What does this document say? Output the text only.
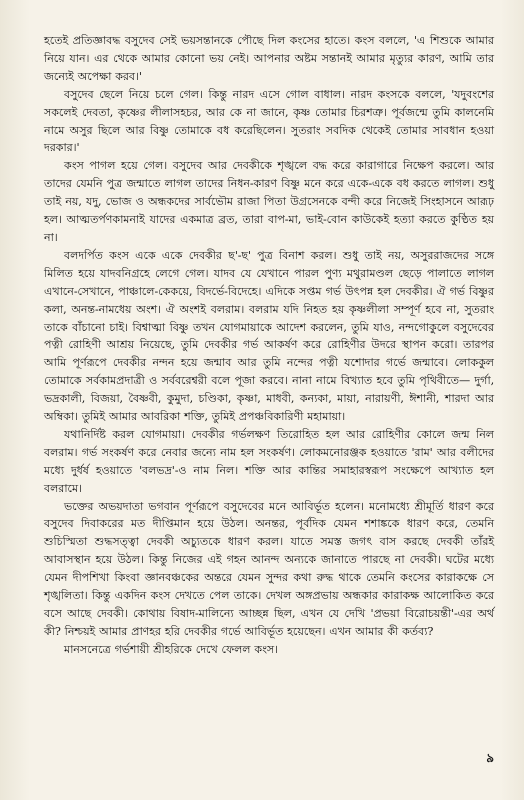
হতেই প্রতিজ্ঞাবদ্ধ বসুদেব সেই ভয়সন্তানকে পৌছে দিল কংসের হাতে। কংস বললে, 'এ শিশুকে আমার নিয়ে যান। এর থেকে আমার কোনো ভয় নেই। আপনার অষ্টম সন্তানই আমার মৃত্যুর কারণ, আমি তার জন্যেই অপেক্ষা করব।'

বসুদেব ছেলে নিয়ে চলে গেল। কিন্তু নারদ এসে গোল বাধাল। নারদ কংসকে বললে, 'যদুবংশের সকলেই দেবতা, কৃষ্ণের লীলাসহচর, আর কে না জানে, কৃষ্ণ তোমার চিরশত্রু। পূর্বজন্মে তুমি কালনেমি নামে অসুর ছিলে আর বিষ্ণু তোমাকে বধ করেছিলেন। সুতরাং সবদিক থেকেই তোমার সাবধান হওয়া দরকার।'

কংস পাগল হয়ে গেল। বসুদেব আর দেবকীকে শৃঙ্খলে বদ্ধ করে কারাগারে নিক্ষেপ করলে। আর তাদের যেমনি পুত্র জন্মাতে লাগল তাদের নিধন-কারণ বিষ্ণু মনে করে একে-একে বধ করতে লাগল। শুধু তাই নয়, যদু, ভোজ ও অন্ধকদের সার্বভৌম রাজা পিতা উগ্রসেনকে বন্দী করে নিজেই সিংহাসনে আরূঢ় হল। আত্মতর্পণকামনাই যাদের একমাত্র ব্রত, তারা বাপ-মা, ভাই-বোন কাউকেই হত্যা করতে কুণ্ঠিত হয় না।

বলদর্পিত কংস একে একে দেবকীর ছ'-ছ' পুত্র বিনাশ করল। শুধু তাই নয়, অসুররাজদের সঙ্গে মিলিত হয়ে যাদবনিগ্রহে লেগে গেল। যাদব যে যেখানে পারল পুণ্য মথুরামণ্ডল ছেড়ে পালাতে লাগল এখানে-সেখানে, পাঞ্চালে-কেকয়ে, বিদর্ভে-বিদেহে। এদিকে সপ্তম গর্ভ উৎপন্ন হল দেবকীর। ঐ গর্ভ বিষ্ণুর কলা, অনন্ত-নামধেয় অংশ। ঐ অংশই বলরাম। বলরাম যদি নিহত হয় কৃষ্ণলীলা সম্পূর্ণ হবে না, সুতরাং তাকে বাঁচানো চাই। বিশ্বাত্মা বিষ্ণু তখন যোগমায়াকে আদেশ করলেন, তুমি যাও, নন্দগোকুলে বসুদেবের পত্নী রোহিণী আশ্রয় নিয়েছে, তুমি দেবকীর গর্ভ আকর্ষণ করে রোহিণীর উদরে স্থাপন করো। তারপর আমি পূর্ণরূপে দেবকীর নন্দন হয়ে জন্মাব আর তুমি নন্দের পত্নী যশোদার গর্ভে জন্মাবে। লোককুল তোমাকে সর্বকামপ্রদাত্রী ও সর্ববরেশ্বরী বলে পূজা করবে। নানা নামে বিখ্যাত হবে তুমি পৃথিবীতে— দুর্গা, ভদ্রকালী, বিজয়া, বৈষ্ণবী, কুমুদা, চণ্ডিকা, কৃষ্ণা, মাধবী, কন্যকা, মায়া, নারায়ণী, ঈশানী, শারদা আর অম্বিকা। তুমিই আমার আবরিকা শক্তি, তুমিই প্রপঞ্চবিকারিণী মহামায়া।

যথানির্দিষ্ট করল যোগমায়া। দেবকীর গর্ভলক্ষণ তিরোহিত হল আর রোহিণীর কোলে জন্ম নিল বলরাম। গর্ভ সংকর্ষণ করে নেবার জন্যে নাম হল সংকর্ষণ। লোকমনোরঞ্জক হওয়াতে 'রাম' আর বলীদের মধ্যে দুর্ধর্ষ হওয়াতে 'বলভদ্র'-ও নাম নিল। শক্তি আর কান্তির সমাহারস্বরূপ সংক্ষেপে আখ্যাত হল বলরামে।

ভক্তের অভয়দাতা ভগবান পূর্ণরূপে বসুদেবের মনে আবির্ভূত হলেন। মনোমধ্যে শ্রীমূর্তি ধারণ করে বসুদেব দিবাকরের মত দীপ্তিমান হয়ে উঠল। অনন্তর, পূর্বদিক যেমন শশাঙ্ককে ধারণ করে, তেমনি শুচিস্মিতা শুদ্ধসত্ত্বা দেবকী অচ্যুতকে ধারণ করল। যাতে সমস্ত জগৎ বাস করছে দেবকী তাঁরই আবাসস্থান হয়ে উঠল। কিন্তু নিজের এই গহন আনন্দ অন্যকে জানাতে পারছে না দেবকী। ঘটের মধ্যে যেমন দীপশিখা কিংবা জ্ঞানবঞ্চকের অন্তরে যেমন সুন্দর কথা রুদ্ধ থাকে তেমনি কংসের কারাকক্ষে সে শৃঙ্খলিতা। কিন্তু একদিন কংস দেখতে পেল তাকে। দেখল অঙ্গপ্রভায় অন্ধকার কারাকক্ষ আলোকিত করে বসে আছে দেবকী। কোথায় বিষাদ-মালিন্যে আচ্ছন্ন ছিল, এখন যে দেখি 'প্রভয়া বিরোচয়ন্তী'-এর অর্থ কী? নিশ্চয়ই আমার প্রাণহর হরি দেবকীর গর্ভে আবির্ভূত হয়েছেন। এখন আমার কী কর্তব্য?

মানসনেত্রে গর্ভশায়ী শ্রীহরিকে দেখে ফেলল কংস।

৯
